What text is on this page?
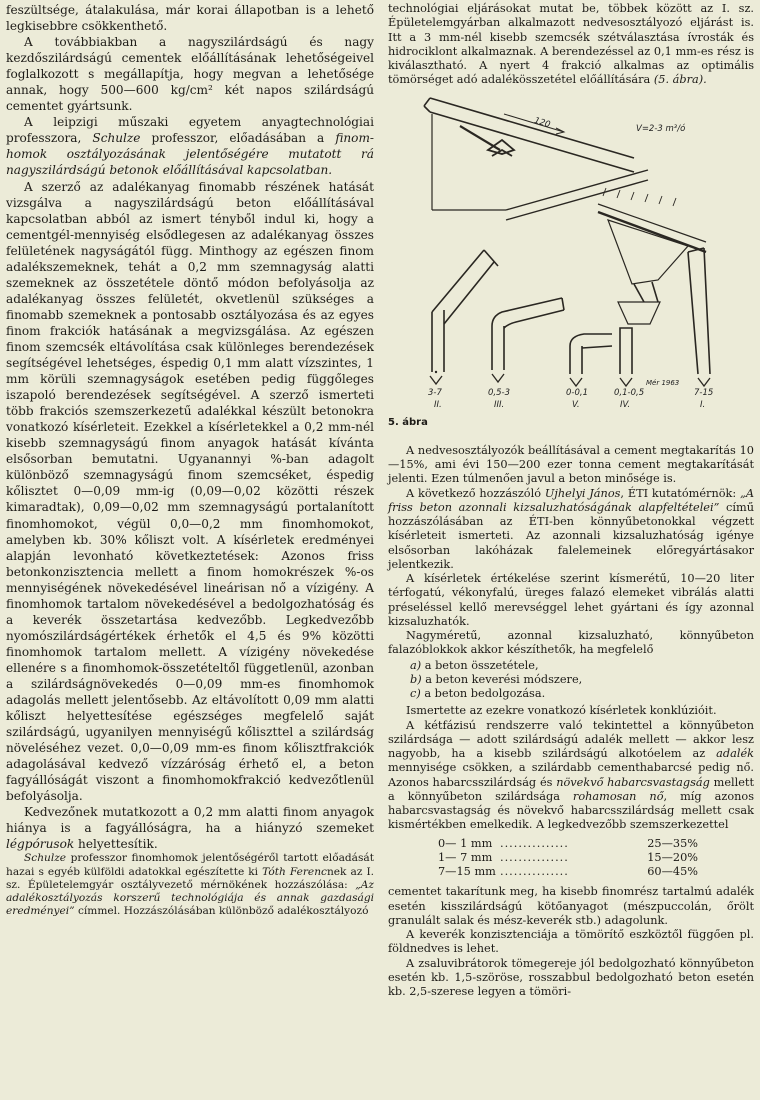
feszültsége, átalakulása, már korai állapotban is a lehető legkisebbre csökkenthető.

A továbbiakban a nagyszilárdságú és nagy kezdőszilárdságú cementek előállításának lehetőségeivel foglalkozott s megállapítja, hogy megvan a lehetősége annak, hogy 500—600 kg/cm² két napos szilárdságú cementet gyártsunk.

A leipzigi műszaki egyetem anyagtechnológiai professzora, Schulze professzor, előadásában a finom-homok osztályozásának jelentőségére mutatott rá nagyszilárdságú betonok előállításával kapcsolatban.

A szerző az adalékanyag finomabb részének hatását vizsgálva a nagyszilárdságú beton előállításával kapcsolatban abból az ismert tényből indul ki, hogy a cementgél-mennyiség elsődlegesen az adalékanyag összes felületének nagyságától függ. Minthogy az egészen finom adalékszemeknek, tehát a 0,2 mm szemnagyság alatti szemeknek az összetétele döntő módon befolyásolja az adalékanyag összes felületét, okvetlenül szükséges a finomabb szemeknek a pontosabb osztályozása és az egyes finom frakciók hatásának a megvizsgálása. Az egészen finom szemcsék eltávolítása csak különleges berendezések segítségével lehetséges, éspedig 0,1 mm alatt vízszintes, 1 mm körüli szemnagyságok esetében pedig függőleges iszapoló berendezések segítségével. A szerző ismerteti több frakciós szemszerkezetű adalékkal készült betonokra vonatkozó kísérleteit. Ezekkel a kísérletekkel a 0,2 mm-nél kisebb szemnagyságú finom anyagok hatását kívánta elsősorban bemutatni. Ugyanannyi %-ban adagolt különböző szemnagyságú finom szemcséket, éspedig kőlisztet 0—0,09 mm-ig (0,09—0,02 közötti részek kimaradtak), 0,09—0,02 mm szemnagyságú portalanított finomhomokot, végül 0,0—0,2 mm finomhomokot, amelyben kb. 30% kőliszt volt. A kísérletek eredményei alapján levonható következtetések: Azonos friss betonkonzisztencia mellett a finom homokrészek %-os mennyiségének növekedésével lineárisan nő a vízigény. A finomhomok tartalom növekedésével a bedolgozhatóság és a keverék összetartása kedvezőbb. Legkedvezőbb nyomószilárdságértékek érhetők el 4,5 és 9% közötti finomhomok tartalom mellett. A vízigény növekedése ellenére s a finomhomok-összetételtől függetlenül, azonban a szilárdságnövekedés 0—0,09 mm-es finomhomok adagolás mellett jelentősebb. Az eltávolított 0,09 mm alatti kőliszt helyettesítése egészséges megfelelő saját szilárdságú, ugyanilyen mennyiségű kőliszttel a szilárdság növeléséhez vezet. 0,0—0,09 mm-es finom kőlisztfrakciók adagolásával kedvező vízzáróság érhető el, a beton fagyállóságát viszont a finomhomokfrakció kedvezőtlenül befolyásolja.

Kedvezőnek mutatkozott a 0,2 mm alatti finom anyagok hiánya is a fagyállóságra, ha a hiányzó szemeket légpórusok helyettesítik.

Schulze professzor finomhomok jelentőségéről tartott előadását hazai s egyéb külföldi adatokkal egészítette ki Tóth Ferencnek az I. sz. Épületelemgyár osztályvezető mérnökének hozzászólása: „Az adalékosztályozás korszerű technológiája és annak gazdasági eredményei” címmel. Hozzászólásában különböző adalékosztályozó

technológiai eljárásokat mutat be, többek között az I. sz. Épületelemgyárban alkalmazott nedvesosztályozó eljárást is. Itt a 3 mm-nél kisebb szemcsék szétválasztása ívrosták és hidrociklont alkalmaznak. A berendezéssel az 0,1 mm-es rész is kiválasztható. A nyert 4 frakció alkalmas az optimális tömörséget adó adalékösszetétel előállítására (5. ábra).

V=2-3 m³/ó
120
3-7	0,5-3	0-0,1	0,1-0,5	7-15
II.	III.	V.	IV.	I.
Mér 1963
5. ábra

A nedvesosztályozók beállításával a cement megtakarítás 10—15%, ami évi 150—200 ezer tonna cement megtakarítását jelenti. Ezen túlmenően javul a beton minősége is.

A következő hozzászóló Ujhelyi János, ÉTI kutatómérnök: „A friss beton azonnali kizsaluzhatóságának alapfeltételei” című hozzászólásában az ÉTI-ben könnyűbetonokkal végzett kísérleteit ismerteti. Az azonnali kizsaluzhatóság igénye elsősorban lakóházak falelemeinek előregyártásakor jelentkezik.

A kísérletek értékelése szerint kísmerétű, 10—20 liter térfogatú, vékonyfalú, üreges falazó elemeket vibrálás alatti préseléssel kellő merevséggel lehet gyártani és így azonnal kizsaluzhatók.

Nagyméretű, azonnal kizsaluzható, könnyűbeton falazóblokkok akkor készíthetők, ha megfelelő

a) a beton összetétele,
b) a beton keverési módszere,
c) a beton bedolgozása.

Ismertette az ezekre vonatkozó kísérletek konklúzióit.

A kétfázisú rendszerre való tekintettel a könnyűbeton szilárdsága — adott szilárdságú adalék mellett — akkor lesz nagyobb, ha a kisebb szilárdságú alkotóelem az adalék mennyisége csökken, a szilárdabb cementhabarcsé pedig nő. Azonos habarcsszilárdság és növekvő habarcsvastagság mellett a könnyűbeton szilárdsága rohamosan nő, míg azonos habarcsvastagság és növekvő habarcsszilárdság mellett csak kismértékben emelkedik. A legkedvezőbb szemszerkezettel

0— 1 mm ...............	25—35%
1— 7 mm ...............	15—20%
7—15 mm ...............	60—45%

cementet takarítunk meg, ha kisebb finomrész tartalmú adalék esetén kisszilárdságú kötőanyagot (mészpuccolán, őrölt granulált salak és mész-keverék stb.) adagolunk.

A keverék konzisztenciája a tömörítő eszköztől függően pl. földnedves is lehet.

A zsaluvibrátorok tömegereje jól bedolgozható könnyűbeton esetén kb. 1,5-szöröse, rosszabbul bedolgozható beton esetén kb. 2,5-szerese legyen a tömöri-
